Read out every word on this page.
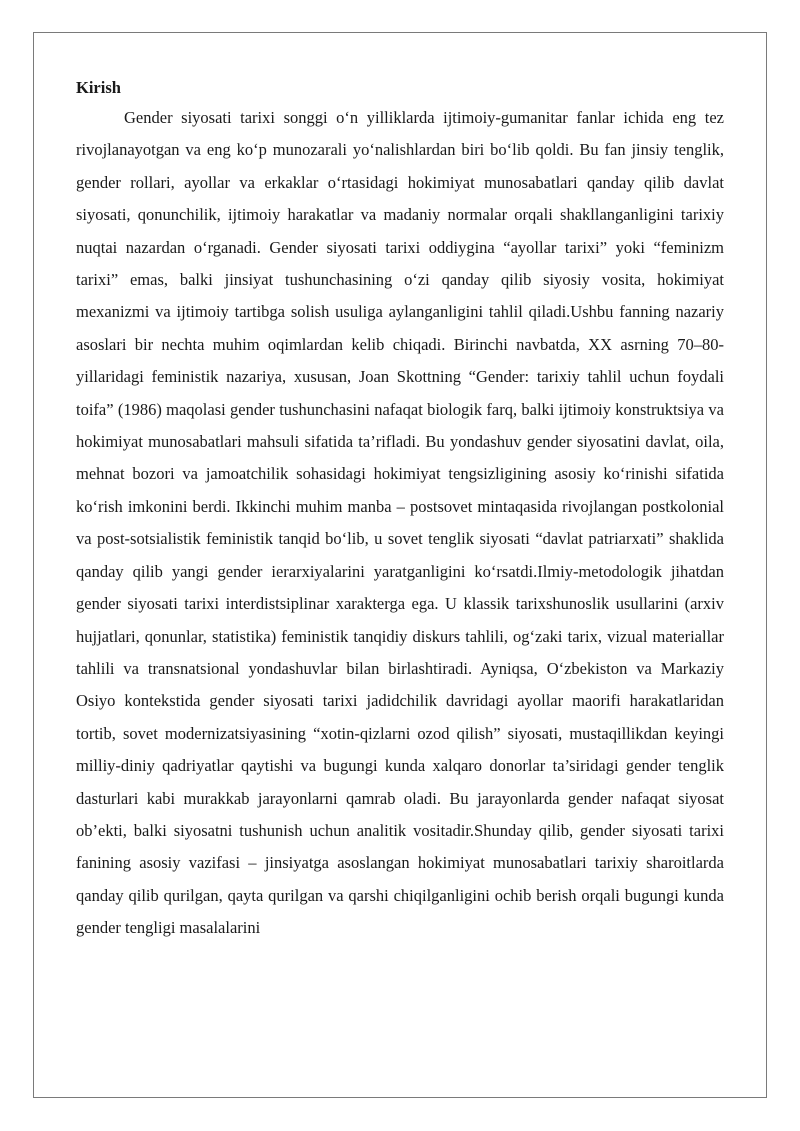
Kirish

Gender siyosati tarixi songgi o‘n yilliklarda ijtimoiy-gumanitar fanlar ichida eng tez rivojlanayotgan va eng ko‘p munozarali yo‘nalishlardan biri bo‘lib qoldi. Bu fan jinsiy tenglik, gender rollari, ayollar va erkaklar o‘rtasidagi hokimiyat munosabatlari qanday qilib davlat siyosati, qonunchilik, ijtimoiy harakatlar va madaniy normalar orqali shakllanganligini tarixiy nuqtai nazardan o‘rganadi. Gender siyosati tarixi oddiygina “ayollar tarixi” yoki “feminizm tarixi” emas, balki jinsiyat tushunchasining o‘zi qanday qilib siyosiy vosita, hokimiyat mexanizmi va ijtimoiy tartibga solish usuliga aylanganligini tahlil qiladi.Ushbu fanning nazariy asoslari bir nechta muhim oqimlardan kelib chiqadi. Birinchi navbatda, XX asrning 70–80-yillaridagi feministik nazariya, xususan, Joan Skottning “Gender: tarixiy tahlil uchun foydali toifa” (1986) maqolasi gender tushunchasini nafaqat biologik farq, balki ijtimoiy konstruktsiya va hokimiyat munosabatlari mahsuli sifatida ta’rifladi. Bu yondashuv gender siyosatini davlat, oila, mehnat bozori va jamoatchilik sohasidagi hokimiyat tengsizligining asosiy ko‘rinishi sifatida ko‘rish imkonini berdi. Ikkinchi muhim manba – postsovet mintaqasida rivojlangan postkolonial va post-sotsialistik feministik tanqid bo‘lib, u sovet tenglik siyosati “davlat patriarxati” shaklida qanday qilib yangi gender ierarxiyalarini yaratganligini ko‘rsatdi.Ilmiy-metodologik jihatdan gender siyosati tarixi interdistsiplinar xarakterga ega. U klassik tarixshunoslik usullarini (arxiv hujjatlari, qonunlar, statistika) feministik tanqidiy diskurs tahlili, og‘zaki tarix, vizual materiallar tahlili va transnatsional yondashuvlar bilan birlashtiradi. Ayniqsa, O‘zbekiston va Markaziy Osiyo kontekstida gender siyosati tarixi jadidchilik davridagi ayollar maorifi harakatlaridan tortib, sovet modernizatsiyasining “xotin-qizlarni ozod qilish” siyosati, mustaqillikdan keyingi milliy-diniy qadriyatlar qaytishi va bugungi kunda xalqaro donorlar ta’siridagi gender tenglik dasturlari kabi murakkab jarayonlarni qamrab oladi. Bu jarayonlarda gender nafaqat siyosat ob’ekti, balki siyosatni tushunish uchun analitik vositadir.Shunday qilib, gender siyosati tarixi fanining asosiy vazifasi – jinsiyatga asoslangan hokimiyat munosabatlari tarixiy sharoitlarda qanday qilib qurilgan, qayta qurilgan va qarshi chiqilganligini ochib berish orqali bugungi kunda gender tengligi masalalarini
